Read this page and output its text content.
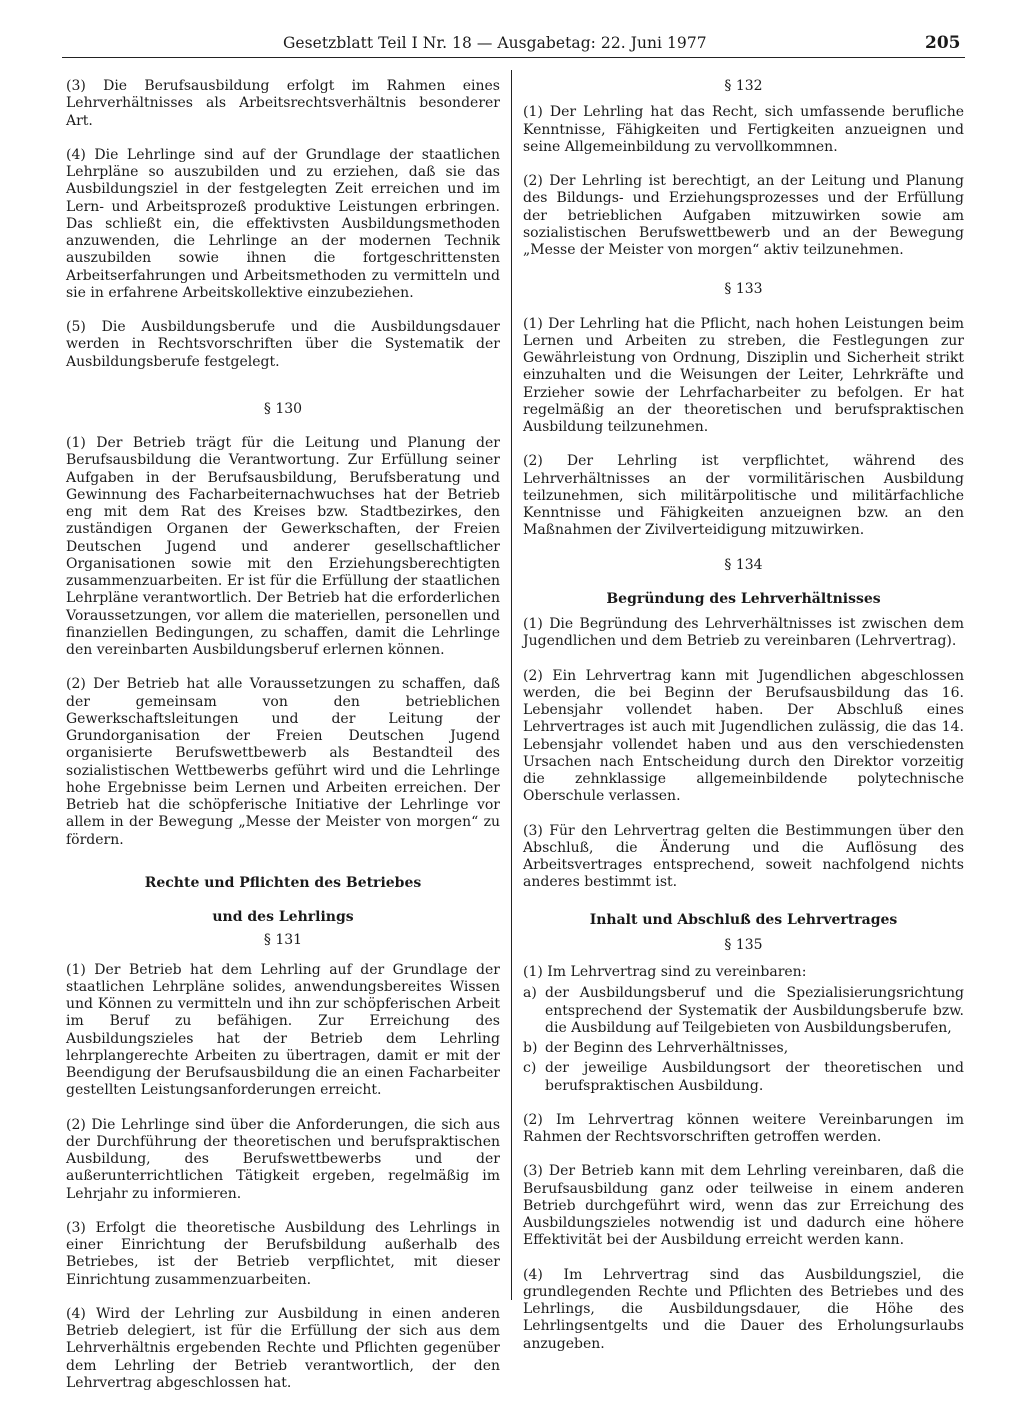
Gesetzblatt Teil I Nr. 18 — Ausgabetag: 22. Juni 1977	205

(3) Die Berufsausbildung erfolgt im Rahmen eines Lehrverhältnisses als Arbeitsrechtsverhältnis besonderer Art.

(4) Die Lehrlinge sind auf der Grundlage der staatlichen Lehrpläne so auszubilden und zu erziehen, daß sie das Ausbildungsziel in der festgelegten Zeit erreichen und im Lern- und Arbeitsprozeß produktive Leistungen erbringen. Das schließt ein, die effektivsten Ausbildungsmethoden anzuwenden, die Lehrlinge an der modernen Technik auszubilden sowie ihnen die fortgeschrittensten Arbeitserfahrungen und Arbeitsmethoden zu vermitteln und sie in erfahrene Arbeitskollektive einzubeziehen.

(5) Die Ausbildungsberufe und die Ausbildungsdauer werden in Rechtsvorschriften über die Systematik der Ausbildungsberufe festgelegt.

§ 130

(1) Der Betrieb trägt für die Leitung und Planung der Berufsausbildung die Verantwortung. Zur Erfüllung seiner Aufgaben in der Berufsausbildung, Berufsberatung und Gewinnung des Facharbeiternachwuchses hat der Betrieb eng mit dem Rat des Kreises bzw. Stadtbezirkes, den zuständigen Organen der Gewerkschaften, der Freien Deutschen Jugend und anderer gesellschaftlicher Organisationen sowie mit den Erziehungsberechtigten zusammenzuarbeiten. Er ist für die Erfüllung der staatlichen Lehrpläne verantwortlich. Der Betrieb hat die erforderlichen Voraussetzungen, vor allem die materiellen, personellen und finanziellen Bedingungen, zu schaffen, damit die Lehrlinge den vereinbarten Ausbildungsberuf erlernen können.

(2) Der Betrieb hat alle Voraussetzungen zu schaffen, daß der gemeinsam von den betrieblichen Gewerkschaftsleitungen und der Leitung der Grundorganisation der Freien Deutschen Jugend organisierte Berufswettbewerb als Bestandteil des sozialistischen Wettbewerbs geführt wird und die Lehrlinge hohe Ergebnisse beim Lernen und Arbeiten erreichen. Der Betrieb hat die schöpferische Initiative der Lehrlinge vor allem in der Bewegung „Messe der Meister von morgen“ zu fördern.

Rechte und Pflichten des Betriebes

und des Lehrlings

§ 131

(1) Der Betrieb hat dem Lehrling auf der Grundlage der staatlichen Lehrpläne solides, anwendungsbereites Wissen und Können zu vermitteln und ihn zur schöpferischen Arbeit im Beruf zu befähigen. Zur Erreichung des Ausbildungszieles hat der Betrieb dem Lehrling lehrplangerechte Arbeiten zu übertragen, damit er mit der Beendigung der Berufsausbildung die an einen Facharbeiter gestellten Leistungsanforderungen erreicht.

(2) Die Lehrlinge sind über die Anforderungen, die sich aus der Durchführung der theoretischen und berufspraktischen Ausbildung, des Berufswettbewerbs und der außerunterrichtlichen Tätigkeit ergeben, regelmäßig im Lehrjahr zu informieren.

(3) Erfolgt die theoretische Ausbildung des Lehrlings in einer Einrichtung der Berufsbildung außerhalb des Betriebes, ist der Betrieb verpflichtet, mit dieser Einrichtung zusammenzuarbeiten.

(4) Wird der Lehrling zur Ausbildung in einen anderen Betrieb delegiert, ist für die Erfüllung der sich aus dem Lehrverhältnis ergebenden Rechte und Pflichten gegenüber dem Lehrling der Betrieb verantwortlich, der den Lehrvertrag abgeschlossen hat.

§ 132

(1) Der Lehrling hat das Recht, sich umfassende berufliche Kenntnisse, Fähigkeiten und Fertigkeiten anzueignen und seine Allgemeinbildung zu vervollkommnen.

(2) Der Lehrling ist berechtigt, an der Leitung und Planung des Bildungs- und Erziehungsprozesses und der Erfüllung der betrieblichen Aufgaben mitzuwirken sowie am sozialistischen Berufswettbewerb und an der Bewegung „Messe der Meister von morgen“ aktiv teilzunehmen.

§ 133

(1) Der Lehrling hat die Pflicht, nach hohen Leistungen beim Lernen und Arbeiten zu streben, die Festlegungen zur Gewährleistung von Ordnung, Disziplin und Sicherheit strikt einzuhalten und die Weisungen der Leiter, Lehrkräfte und Erzieher sowie der Lehrfacharbeiter zu befolgen. Er hat regelmäßig an der theoretischen und berufspraktischen Ausbildung teilzunehmen.

(2) Der Lehrling ist verpflichtet, während des Lehrverhältnisses an der vormilitärischen Ausbildung teilzunehmen, sich militärpolitische und militärfachliche Kenntnisse und Fähigkeiten anzueignen bzw. an den Maßnahmen der Zivilverteidigung mitzuwirken.

§ 134

Begründung des Lehrverhältnisses

(1) Die Begründung des Lehrverhältnisses ist zwischen dem Jugendlichen und dem Betrieb zu vereinbaren (Lehrvertrag).

(2) Ein Lehrvertrag kann mit Jugendlichen abgeschlossen werden, die bei Beginn der Berufsausbildung das 16. Lebensjahr vollendet haben. Der Abschluß eines Lehrvertrages ist auch mit Jugendlichen zulässig, die das 14. Lebensjahr vollendet haben und aus den verschiedensten Ursachen nach Entscheidung durch den Direktor vorzeitig die zehnklassige allgemeinbildende polytechnische Oberschule verlassen.

(3) Für den Lehrvertrag gelten die Bestimmungen über den Abschluß, die Änderung und die Auflösung des Arbeitsvertrages entsprechend, soweit nachfolgend nichts anderes bestimmt ist.

Inhalt und Abschluß des Lehrvertrages

§ 135

(1) Im Lehrvertrag sind zu vereinbaren:

a) der Ausbildungsberuf und die Spezialisierungsrichtung entsprechend der Systematik der Ausbildungsberufe bzw. die Ausbildung auf Teilgebieten von Ausbildungsberufen,
b) der Beginn des Lehrverhältnisses,
c) der jeweilige Ausbildungsort der theoretischen und berufspraktischen Ausbildung.

(2) Im Lehrvertrag können weitere Vereinbarungen im Rahmen der Rechtsvorschriften getroffen werden.

(3) Der Betrieb kann mit dem Lehrling vereinbaren, daß die Berufsausbildung ganz oder teilweise in einem anderen Betrieb durchgeführt wird, wenn das zur Erreichung des Ausbildungszieles notwendig ist und dadurch eine höhere Effektivität bei der Ausbildung erreicht werden kann.

(4) Im Lehrvertrag sind das Ausbildungsziel, die grundlegenden Rechte und Pflichten des Betriebes und des Lehrlings, die Ausbildungsdauer, die Höhe des Lehrlingsentgelts und die Dauer des Erholungsurlaubs anzugeben.
